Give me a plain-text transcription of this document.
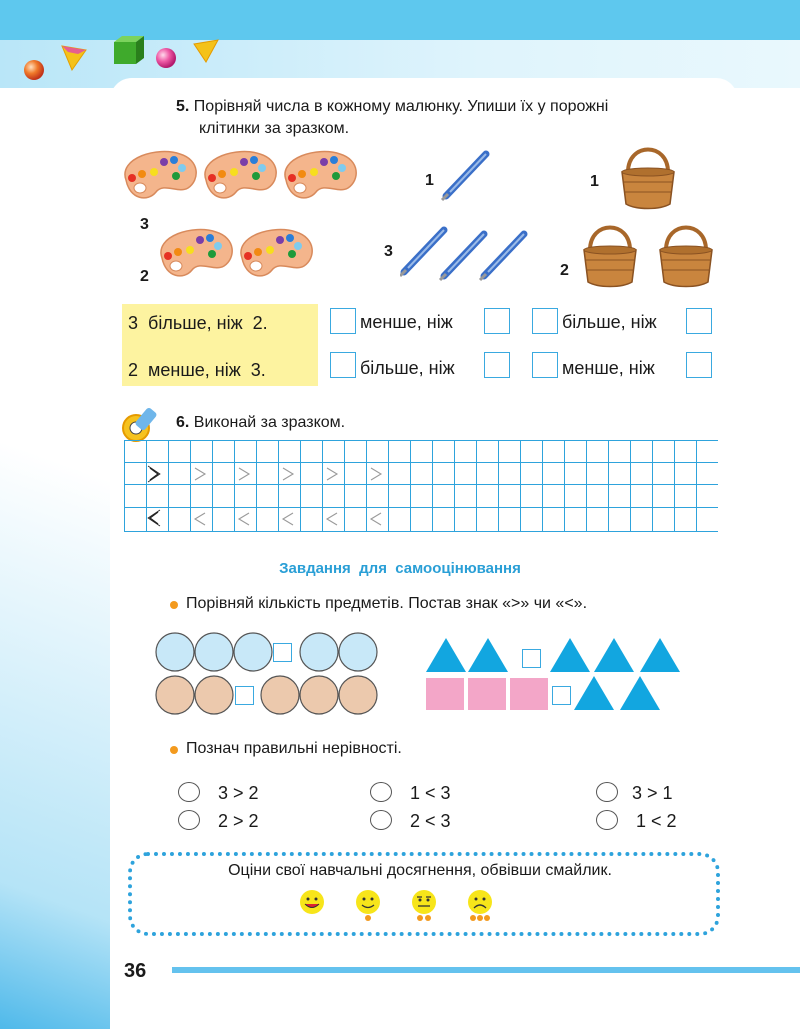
5. Порівняй числа в кожному малюнку. Упиши їх у порожні
клітинки за зразком.
3
2
1
3
1
2
3  більше, ніж  2.
2  менше, ніж  3.
менше, ніж
більше, ніж
більше, ніж
менше, ніж
6. Виконай за зразком.
Завдання  для  самооцінювання
Порівняй кількість предметів. Постав знак «>» чи «<».
Познач правильні нерівності.
3 > 2
2 > 2
1 < 3
2 < 3
3 > 1
1 < 2
Оціни свої навчальні досягнення, обвівши смайлик.
36
